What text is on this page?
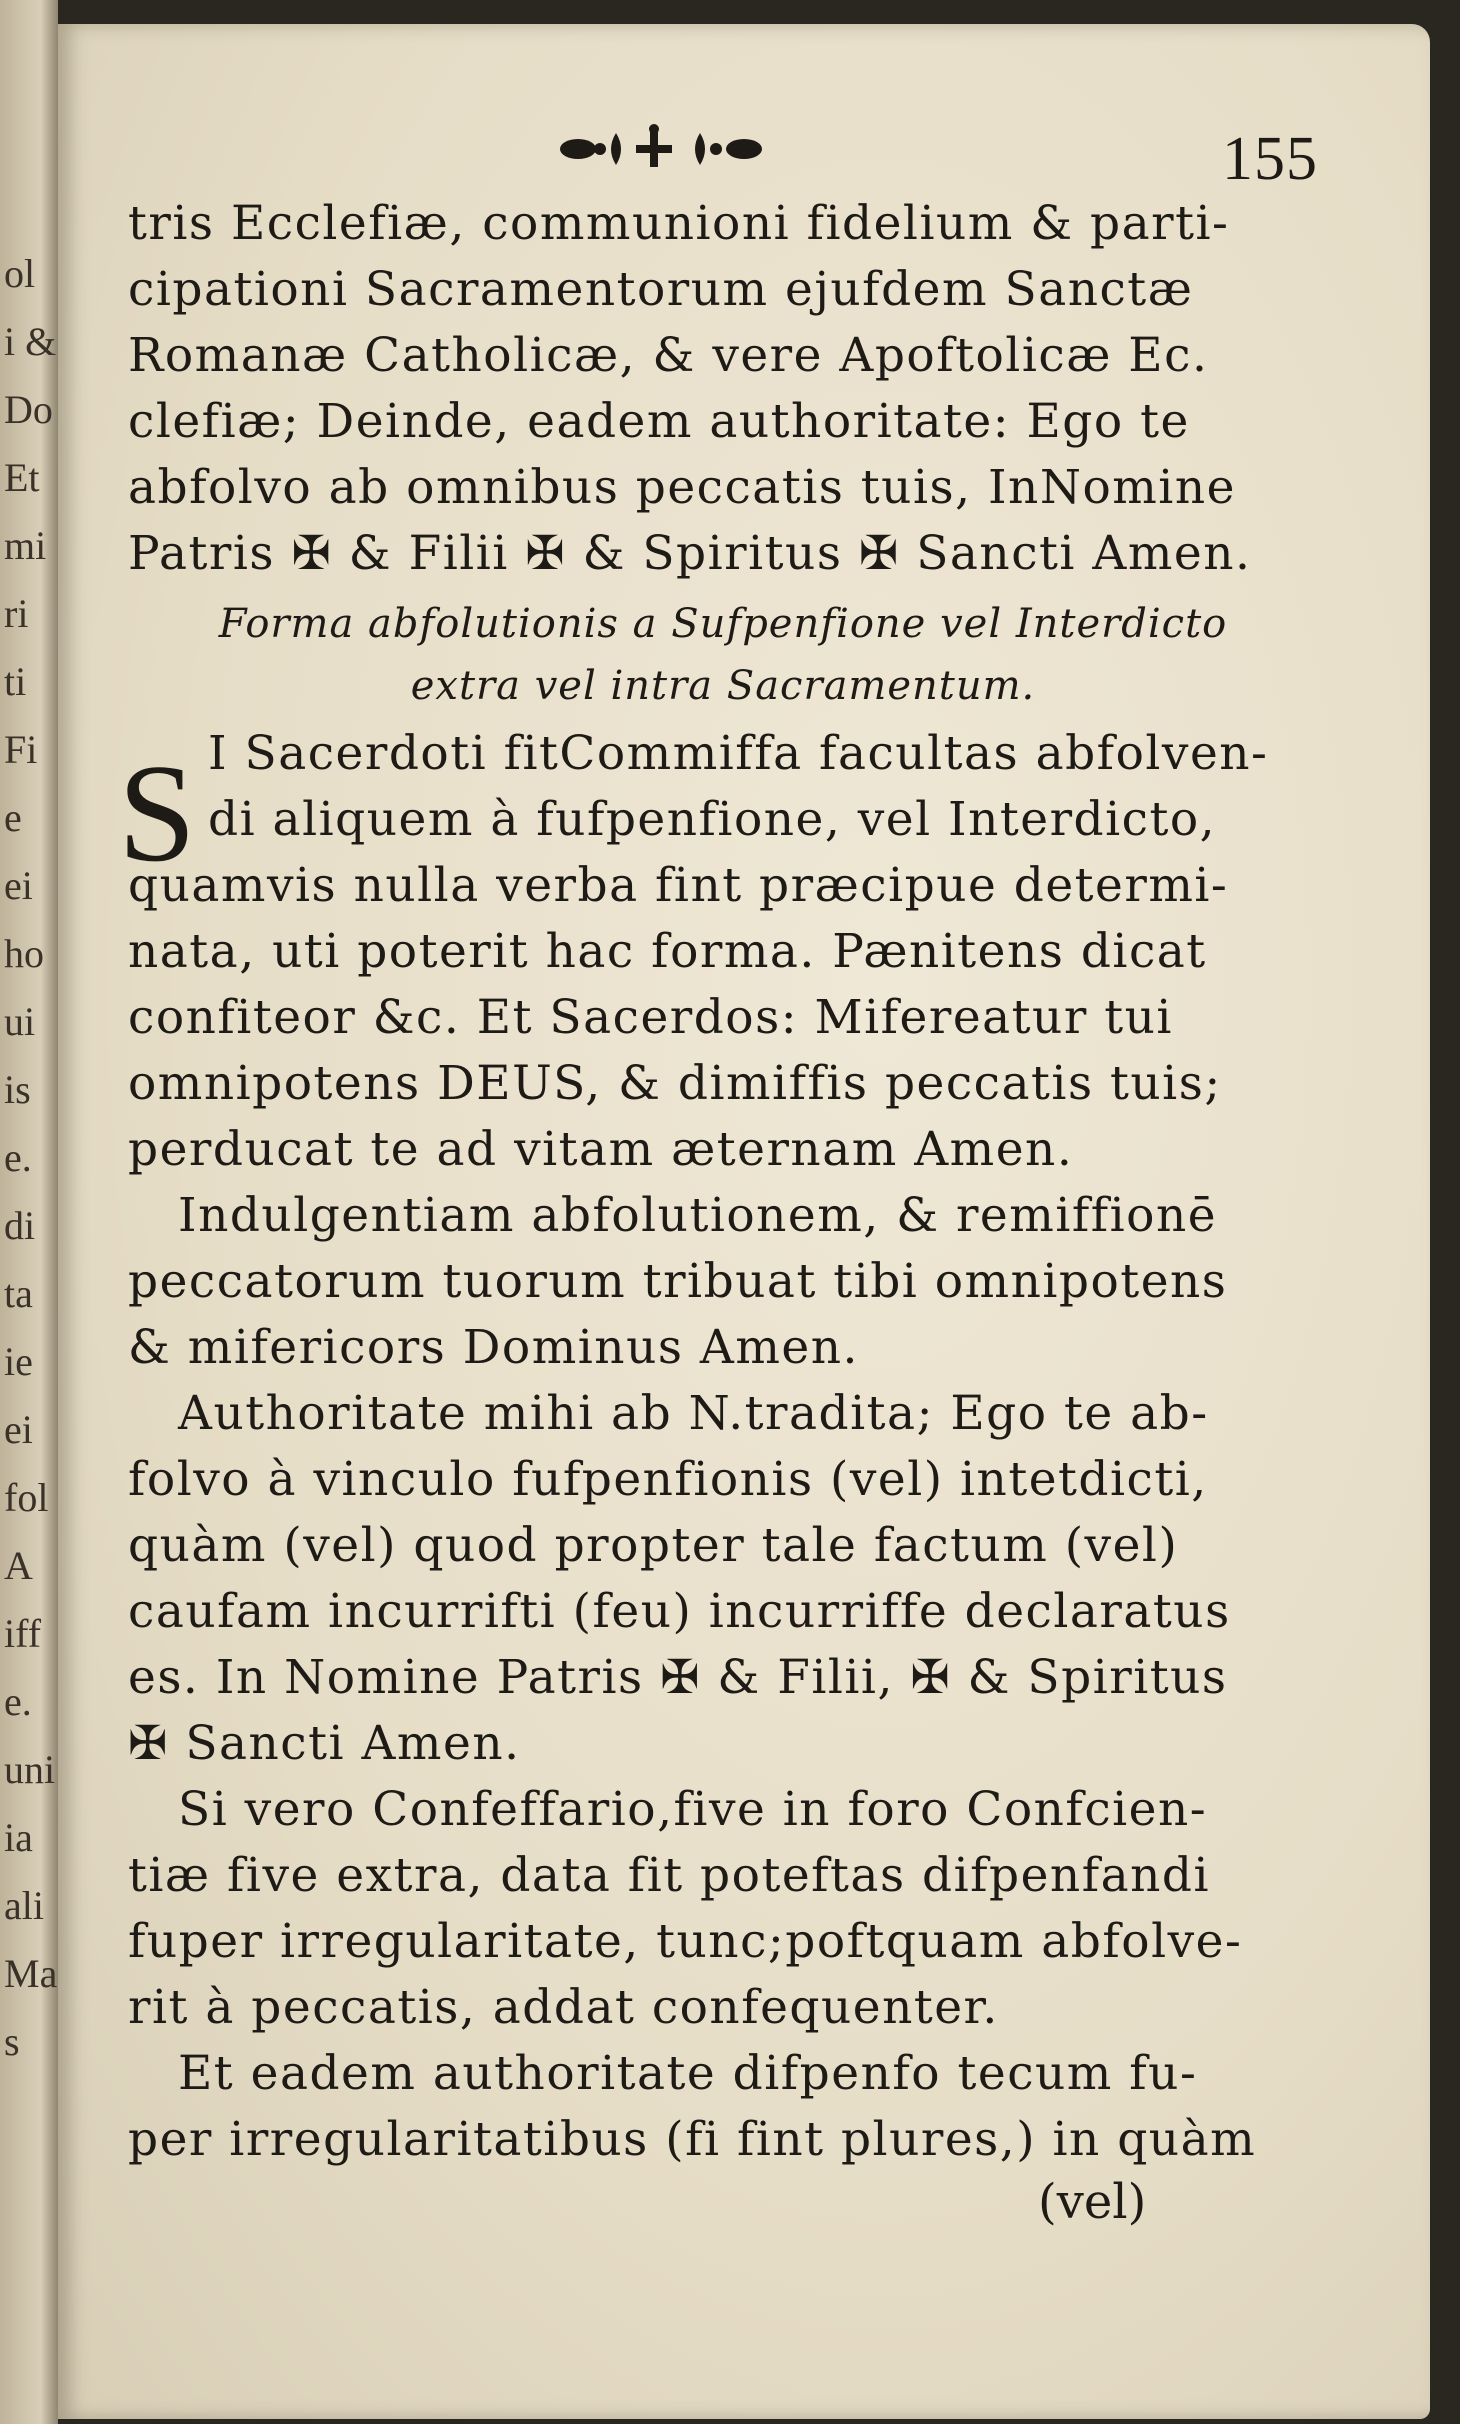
ol
i &
Do
Et
mi
ri
ti
Fi
e
ei
ho
ui
is
e.
di
ta
ie
ei
fol
A
iff
e.
uni
ia
ali
Ma
s
155
tris Ecclefiæ, communioni fidelium & parti-
cipationi Sacramentorum ejufdem Sanctæ
Romanæ Catholicæ, & vere Apoftolicæ Ec.
clefiæ; Deinde, eadem authoritate: Ego te
abfolvo ab omnibus peccatis tuis, InNomine
Patris ✠ & Filii ✠ & Spiritus ✠ Sancti Amen.
Forma abfolutionis a Sufpenfione vel Interdicto
extra vel intra Sacramentum.
S I Sacerdoti fitCommiffa facultas abfolven-
di aliquem à fufpenfione, vel Interdicto,
quamvis nulla verba fint præcipue determi-
nata, uti poterit hac forma. Pænitens dicat
confiteor &c. Et Sacerdos: Mifereatur tui
omnipotens DEUS, & dimiffis peccatis tuis;
perducat te ad vitam æternam Amen.
Indulgentiam abfolutionem, & remiffionē
peccatorum tuorum tribuat tibi omnipotens
& mifericors Dominus Amen.
Authoritate mihi ab N.tradita; Ego te ab-
folvo à vinculo fufpenfionis (vel) intetdicti,
quàm (vel) quod propter tale factum (vel)
caufam incurrifti (feu) incurriffe declaratus
es. In Nomine Patris ✠ & Filii, ✠ & Spiritus
✠ Sancti Amen.
Si vero Confeffario,five in foro Confcien-
tiæ five extra, data fit poteftas difpenfandi
fuper irregularitate, tunc;poftquam abfolve-
rit à peccatis, addat confequenter.
Et eadem authoritate difpenfo tecum fu-
per irregularitatibus (fi fint plures,) in quàm
(vel)
